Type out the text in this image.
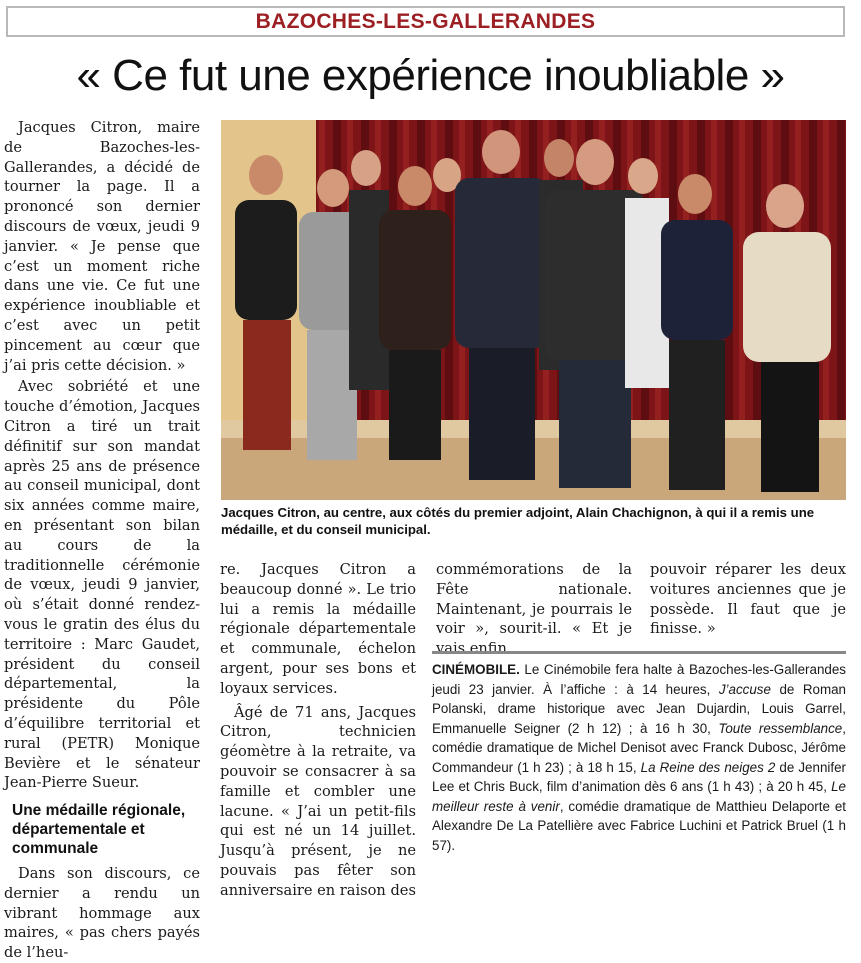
BAZOCHES-LES-GALLERANDES
« Ce fut une expérience inoubliable »

Jacques Citron, maire de Bazoches-les-Gallerandes, a décidé de tourner la page. Il a prononcé son dernier discours de vœux, jeudi 9 janvier. « Je pense que c’est un moment riche dans une vie. Ce fut une expérience inoubliable et c’est avec un petit pincement au cœur que j’ai pris cette décision. »

Avec sobriété et une touche d’émotion, Jacques Citron a tiré un trait définitif sur son mandat après 25 ans de présence au conseil municipal, dont six années comme maire, en présentant son bilan au cours de la traditionnelle cérémonie de vœux, jeudi 9 janvier, où s’était donné rendez-vous le gratin des élus du territoire : Marc Gaudet, président du conseil départemental, la présidente du Pôle d’équilibre territorial et rural (PETR) Monique Bevière et le sénateur Jean-Pierre Sueur.

Une médaille régionale, départementale et communale

Dans son discours, ce dernier a rendu un vibrant hommage aux maires, « pas chers payés de l’heu-

Jacques Citron, au centre, aux côtés du premier adjoint, Alain Chachignon, à qui il a remis une médaille, et du conseil municipal.

re. Jacques Citron a beaucoup donné ». Le trio lui a remis la médaille régionale départementale et communale, échelon argent, pour ses bons et loyaux services.

Âgé de 71 ans, Jacques Citron, technicien géomètre à la retraite, va pouvoir se consacrer à sa famille et combler une lacune. « J’ai un petit-fils qui est né un 14 juillet. Jusqu’à présent, je ne pouvais pas fêter son anniversaire en raison des

commémorations de la Fête nationale. Maintenant, je pourrais le voir », sourit-il. « Et je vais enfin

pouvoir réparer les deux voitures anciennes que je possède. Il faut que je finisse. »

CINÉMOBILE. Le Cinémobile fera halte à Bazoches-les-Gallerandes jeudi 23 janvier. À l’affiche : à 14 heures, J’accuse de Roman Polanski, drame historique avec Jean Dujardin, Louis Garrel, Emmanuelle Seigner (2 h 12) ; à 16 h 30, Toute ressemblance, comédie dramatique de Michel Denisot avec Franck Dubosc, Jérôme Commandeur (1 h 23) ; à 18 h 15, La Reine des neiges 2 de Jennifer Lee et Chris Buck, film d’animation dès 6 ans (1 h 43) ; à 20 h 45, Le meilleur reste à venir, comédie dramatique de Matthieu Delaporte et Alexandre De La Patellière avec Fabrice Luchini et Patrick Bruel (1 h 57).
